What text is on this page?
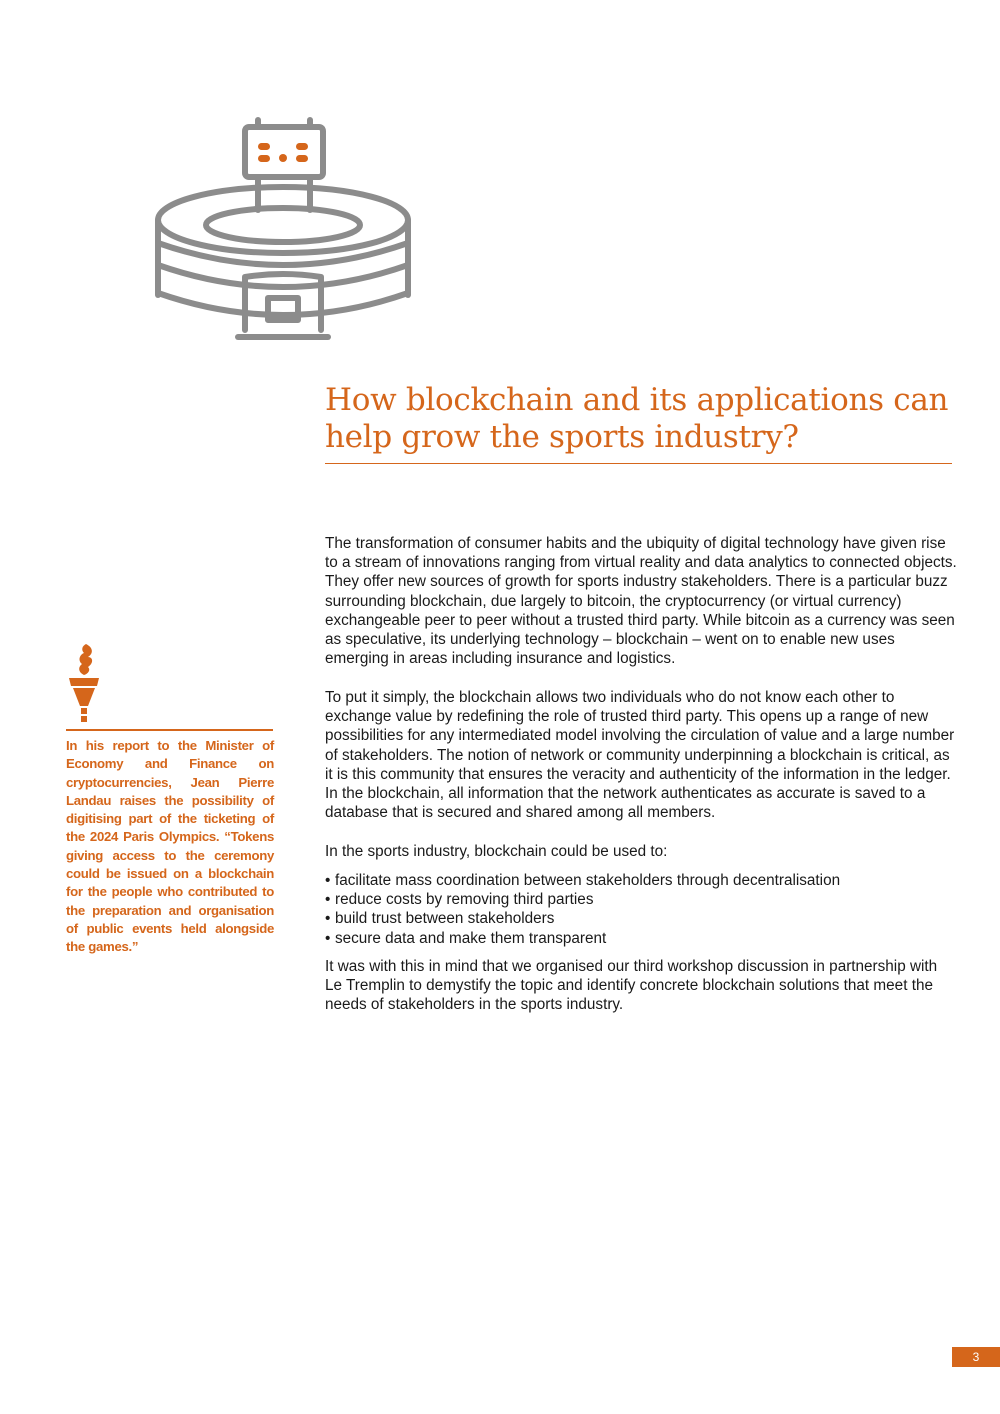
How blockchain and its applications can help grow the sports industry?

The transformation of consumer habits and the ubiquity of digital technology have given rise to a stream of innovations ranging from virtual reality and data analytics to connected objects. They offer new sources of growth for sports industry stakeholders. There is a particular buzz surrounding blockchain, due largely to bitcoin, the cryptocurrency (or virtual currency) exchangeable peer to peer without a trusted third party. While bitcoin as a currency was seen as speculative, its underlying technology – blockchain – went on to enable new uses emerging in areas including insurance and logistics.

To put it simply, the blockchain allows two individuals who do not know each other to exchange value by redefining the role of trusted third party. This opens up a range of new possibilities for any intermediated model involving the circulation of value and a large number of stakeholders. The notion of network or community underpinning a blockchain is critical, as it is this community that ensures the veracity and authenticity of the information in the ledger.

In the blockchain, all information that the network authenticates as accurate is saved to a database that is secured and shared among all members.

In the sports industry, blockchain could be used to:

• facilitate mass coordination between stakeholders through decentralisation
• reduce costs by removing third parties
• build trust between stakeholders
• secure data and make them transparent

It was with this in mind that we organised our third workshop discussion in partnership with Le Tremplin to demystify the topic and identify concrete blockchain solutions that meet the needs of stakeholders in the sports industry.

In his report to the Minister of Economy and Finance on cryptocurrencies, Jean Pierre Landau raises the possibility of digitising part of the ticketing of the 2024 Paris Olympics. “Tokens giving access to the ceremony could be issued on a blockchain for the people who contributed to the preparation and organisation of public events held alongside the games.”
3
